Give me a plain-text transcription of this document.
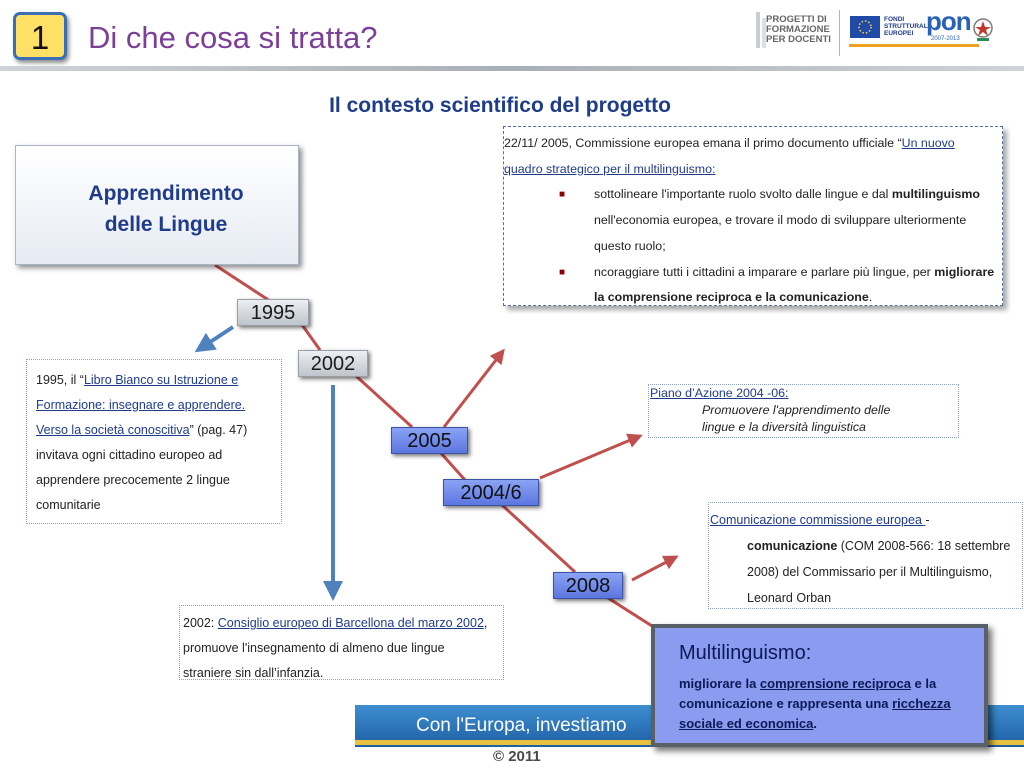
1	Di che cosa si tratta?
PROGETTI DI
FORMAZIONE
PER DOCENTI
FONDI STRUTTURALI EUROPEI pon
2007-2013
Il contesto scientifico del progetto
Apprendimento
delle Lingue
1995
2002
2005
2004/6
2008
1995, il “Libro Bianco su Istruzione e Formazione: insegnare e apprendere. Verso la società conoscitiva” (pag. 47) invitava ogni cittadino europeo ad apprendere precocemente 2 lingue comunitarie
2002: Consiglio europeo di Barcellona del marzo 2002, promuove l'insegnamento di almeno due lingue straniere sin dall’infanzia.
22/11/ 2005, Commissione europea emana il primo documento ufficiale “Un nuovo quadro strategico per il multilinguismo:
■	sottolineare l'importante ruolo svolto dalle lingue e dal multilinguismo nell'economia europea, e trovare il modo di sviluppare ulteriormente questo ruolo;
■	ncoraggiare tutti i cittadini a imparare e parlare più lingue, per migliorare la comprensione reciproca e la comunicazione.
Piano d’Azione 2004 -06:
Promuovere l'apprendimento delle
lingue e la diversità linguistica
Comunicazione commissione europea -
comunicazione (COM 2008-566: 18 settembre 2008) del Commissario per il Multilinguismo, Leonard Orban
Con l'Europa, investiamo
© 2011
Multilinguismo:
migliorare la comprensione reciproca e la comunicazione e rappresenta una ricchezza sociale ed economica.
